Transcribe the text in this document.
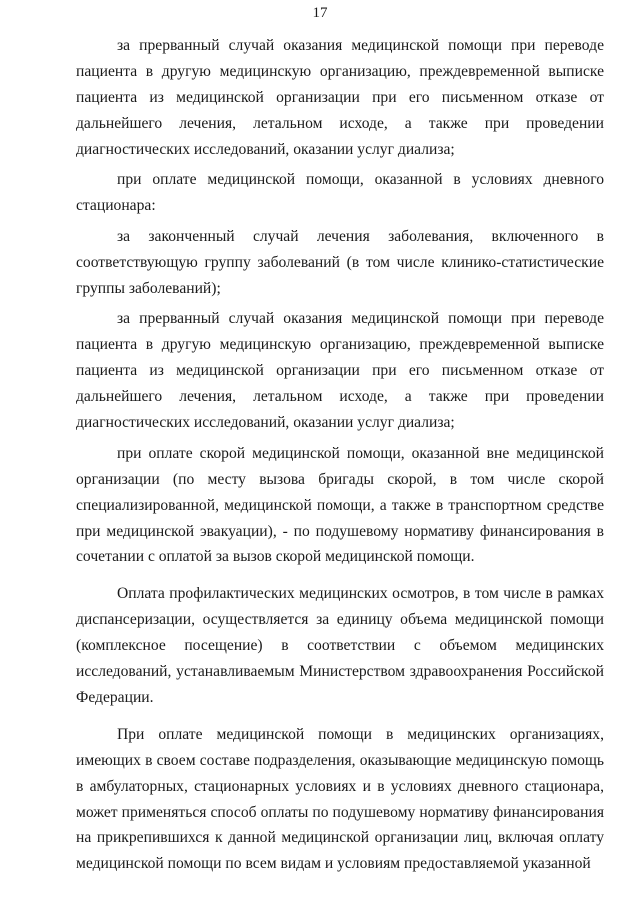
17

за прерванный случай оказания медицинской помощи при переводе пациента в другую медицинскую организацию, преждевременной выписке пациента из медицинской организации при его письменном отказе от дальнейшего лечения, летальном исходе, а также при проведении диагностических исследований, оказании услуг диализа;

при оплате медицинской помощи, оказанной в условиях дневного стационара:

за законченный случай лечения заболевания, включенного в соответствующую группу заболеваний (в том числе клинико-статистические группы заболеваний);

за прерванный случай оказания медицинской помощи при переводе пациента в другую медицинскую организацию, преждевременной выписке пациента из медицинской организации при его письменном отказе от дальнейшего лечения, летальном исходе, а также при проведении диагностических исследований, оказании услуг диализа;

при оплате скорой медицинской помощи, оказанной вне медицинской организации (по месту вызова бригады скорой, в том числе скорой специализированной, медицинской помощи, а также в транспортном средстве при медицинской эвакуации), - по подушевому нормативу финансирования в сочетании с оплатой за вызов скорой медицинской помощи.

Оплата профилактических медицинских осмотров, в том числе в рамках диспансеризации, осуществляется за единицу объема медицинской помощи (комплексное посещение) в соответствии с объемом медицинских исследований, устанавливаемым Министерством здравоохранения Российской Федерации.

При оплате медицинской помощи в медицинских организациях, имеющих в своем составе подразделения, оказывающие медицинскую помощь в амбулаторных, стационарных условиях и в условиях дневного стационара, может применяться способ оплаты по подушевому нормативу финансирования на прикрепившихся к данной медицинской организации лиц, включая оплату медицинской помощи по всем видам и условиям предоставляемой указанной
